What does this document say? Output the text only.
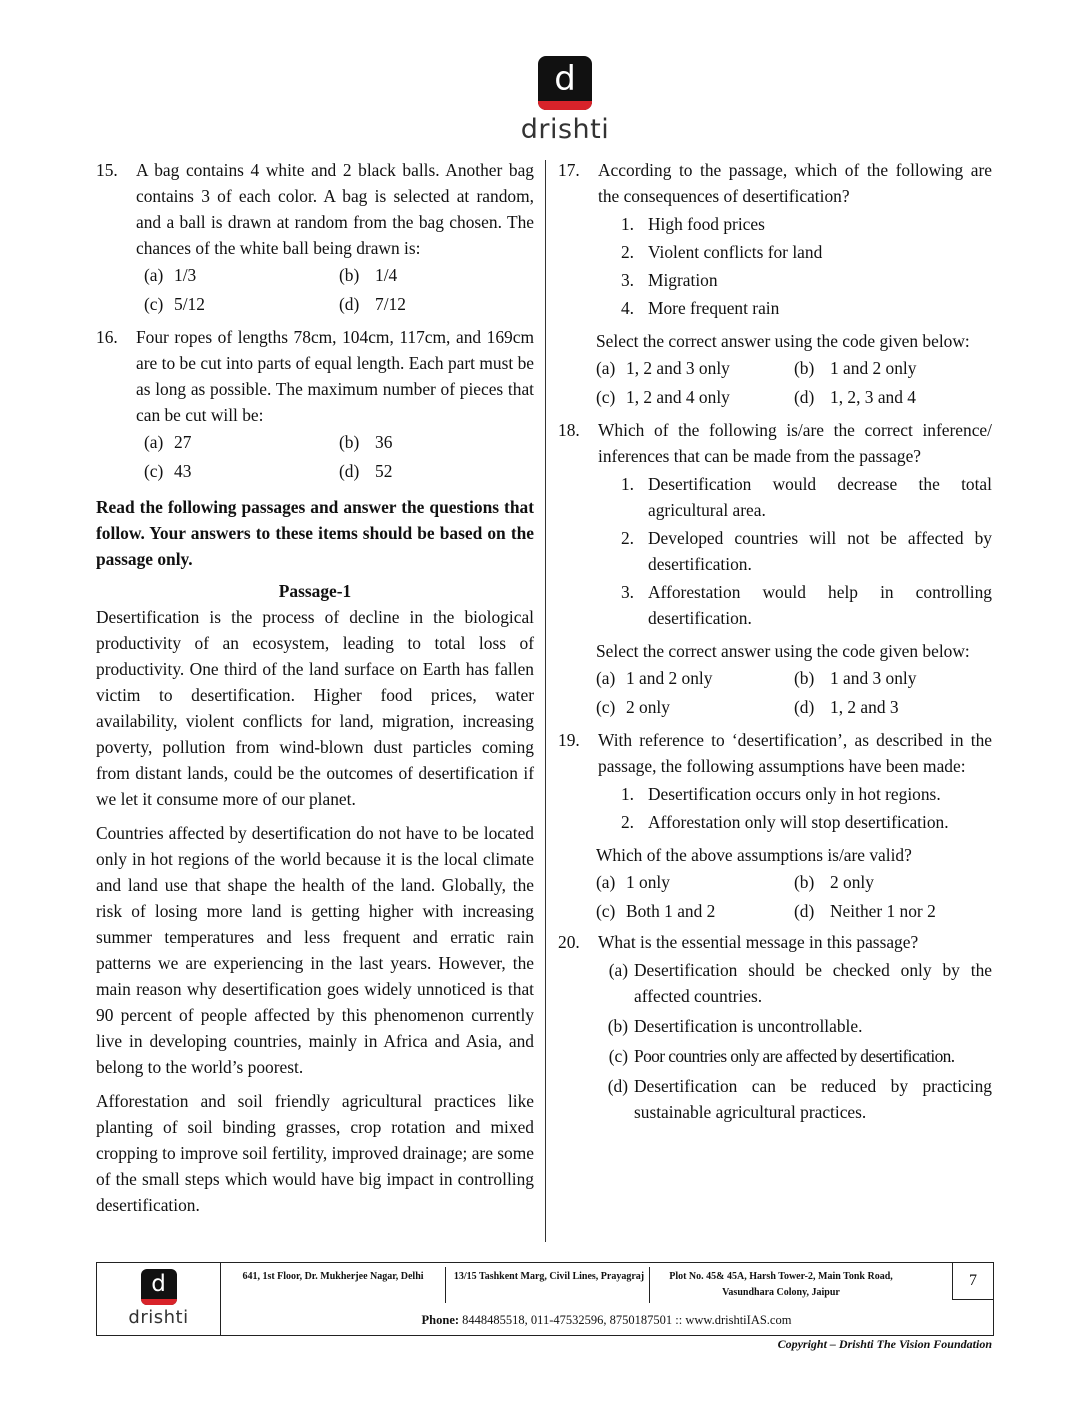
d
drishti
15.	A bag contains 4 white and 2 black balls. Another bag contains 3 of each color. A bag is selected at random, and a ball is drawn at random from the bag chosen. The chances of the white ball being drawn is:
(a) 1/3	(b) 1/4
(c) 5/12	(d) 7/12
16.	Four ropes of lengths 78cm, 104cm, 117cm, and 169cm are to be cut into parts of equal length. Each part must be as long as possible. The maximum number of pieces that can be cut will be:
(a) 27	(b) 36
(c) 43	(d) 52
Read the following passages and answer the questions that follow. Your answers to these items should be based on the passage only.
Passage-1
Desertification is the process of decline in the biological productivity of an ecosystem, leading to total loss of productivity. One third of the land surface on Earth has fallen victim to desertification. Higher food prices, water availability, violent conflicts for land, migration, increasing poverty, pollution from wind-blown dust particles coming from distant lands, could be the outcomes of desertification if we let it consume more of our planet.
Countries affected by desertification do not have to be located only in hot regions of the world because it is the local climate and land use that shape the health of the land. Globally, the risk of losing more land is getting higher with increasing summer temperatures and less frequent and erratic rain patterns we are experiencing in the last years. However, the main reason why desertification goes widely unnoticed is that 90 percent of people affected by this phenomenon currently live in developing countries, mainly in Africa and Asia, and belong to the world’s poorest.
Afforestation and soil friendly agricultural practices like planting of soil binding grasses, crop rotation and mixed cropping to improve soil fertility, improved drainage; are some of the small steps which would have big impact in controlling desertification.
17.	According to the passage, which of the following are the consequences of desertification?
1. High food prices
2. Violent conflicts for land
3. Migration
4. More frequent rain
Select the correct answer using the code given below:
(a) 1, 2 and 3 only	(b) 1 and 2 only
(c) 1, 2 and 4 only	(d) 1, 2, 3 and 4
18.	Which of the following is/are the correct inference/ inferences that can be made from the passage?
1. Desertification would decrease the total agricultural area.
2. Developed countries will not be affected by desertification.
3. Afforestation would help in controlling desertification.
Select the correct answer using the code given below:
(a) 1 and 2 only	(b) 1 and 3 only
(c) 2 only	(d) 1, 2 and 3
19.	With reference to ‘desertification’, as described in the passage, the following assumptions have been made:
1. Desertification occurs only in hot regions.
2. Afforestation only will stop desertification.
Which of the above assumptions is/are valid?
(a) 1 only	(b) 2 only
(c) Both 1 and 2	(d) Neither 1 nor 2
20.	What is the essential message in this passage?
(a) Desertification should be checked only by the affected countries.
(b) Desertification is uncontrollable.
(c) Poor countries only are affected by desertification.
(d) Desertification can be reduced by practicing sustainable agricultural practices.
d
drishti
641, 1st Floor, Dr. Mukherjee Nagar, Delhi	13/15 Tashkent Marg, Civil Lines, Prayagraj	Plot No. 45& 45A, Harsh Tower-2, Main Tonk Road, Vasundhara Colony, Jaipur
7
Phone: 8448485518, 011-47532596, 8750187501 :: www.drishtiIAS.com
Copyright – Drishti The Vision Foundation
